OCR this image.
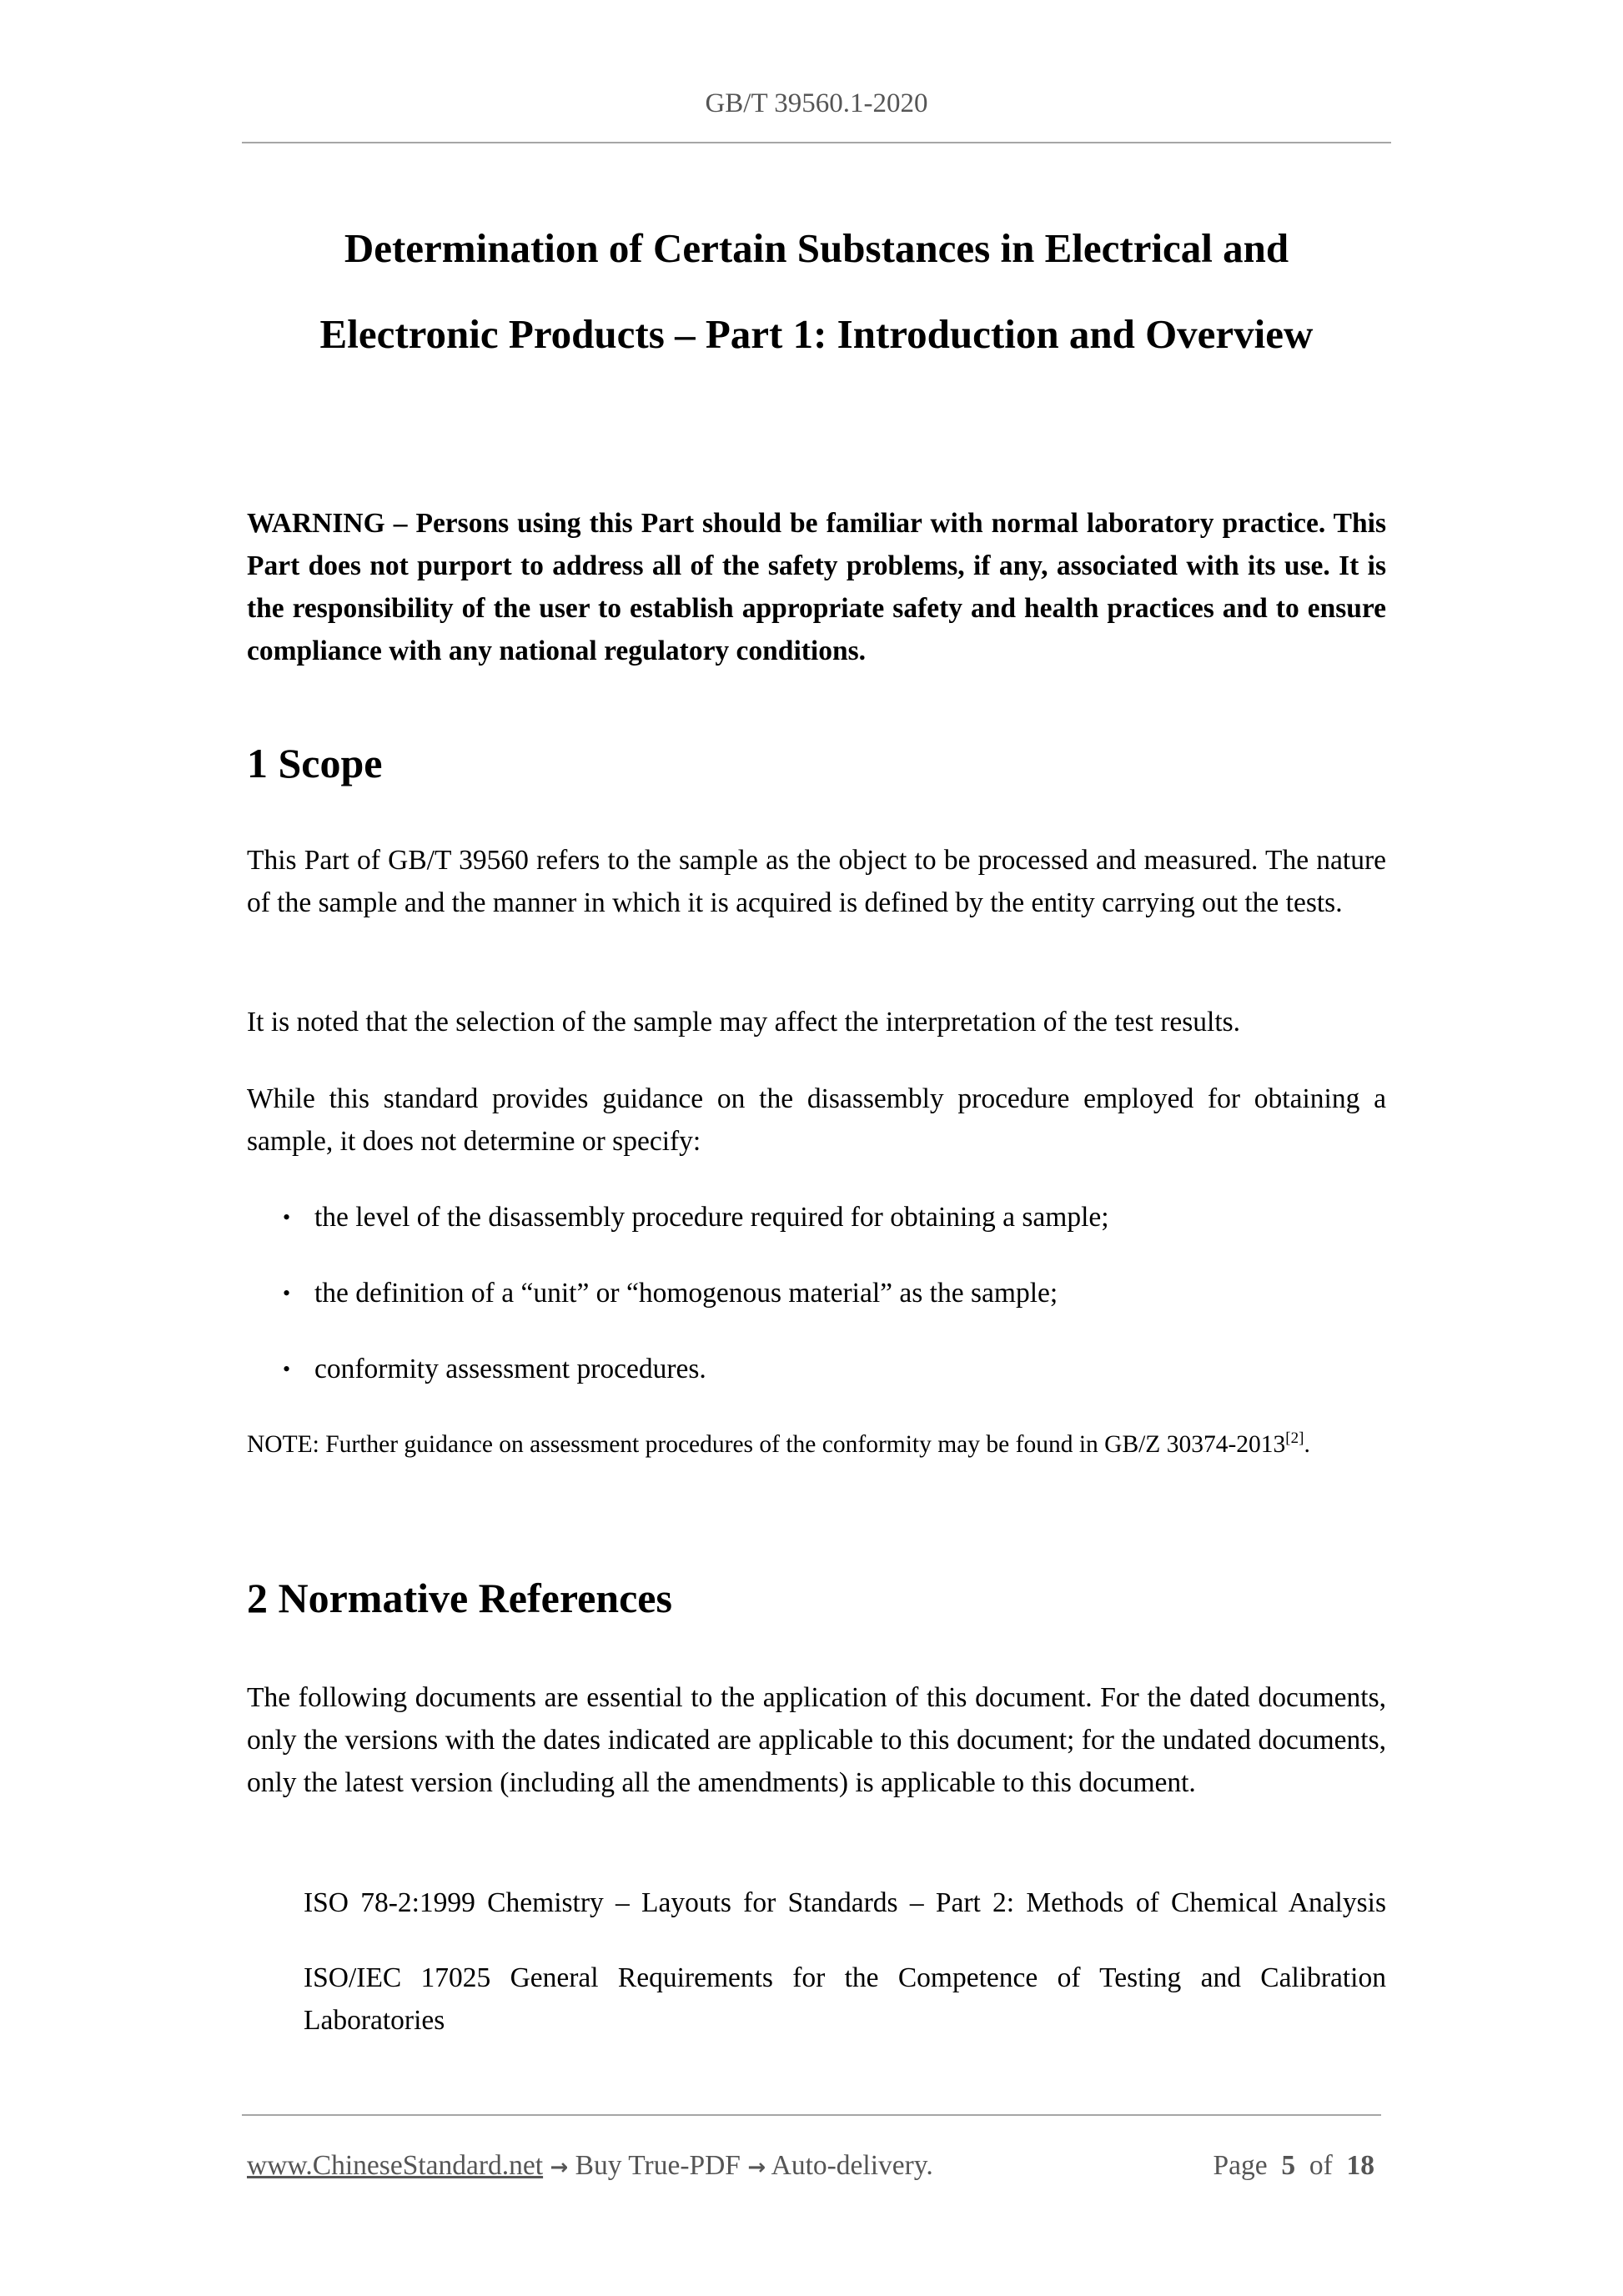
GB/T 39560.1-2020
Determination of Certain Substances in Electrical and
Electronic Products – Part 1: Introduction and Overview

WARNING – Persons using this Part should be familiar with normal laboratory practice. This Part does not purport to address all of the safety problems, if any, associated with its use. It is the responsibility of the user to establish appropriate safety and health practices and to ensure compliance with any national regulatory conditions.

1 Scope

This Part of GB/T 39560 refers to the sample as the object to be processed and measured. The nature of the sample and the manner in which it is acquired is defined by the entity carrying out the tests.

It is noted that the selection of the sample may affect the interpretation of the test results.

While this standard provides guidance on the disassembly procedure employed for obtaining a sample, it does not determine or specify:

• the level of the disassembly procedure required for obtaining a sample;
• the definition of a “unit” or “homogenous material” as the sample;
• conformity assessment procedures.

NOTE: Further guidance on assessment procedures of the conformity may be found in GB/Z 30374-2013[2].

2 Normative References

The following documents are essential to the application of this document. For the dated documents, only the versions with the dates indicated are applicable to this document; for the undated documents, only the latest version (including all the amendments) is applicable to this document.

ISO 78-2:1999 Chemistry – Layouts for Standards – Part 2: Methods of Chemical Analysis

ISO/IEC 17025 General Requirements for the Competence of Testing and Calibration Laboratories

www.ChineseStandard.net → Buy True-PDF → Auto-delivery.	Page 5 of 18
